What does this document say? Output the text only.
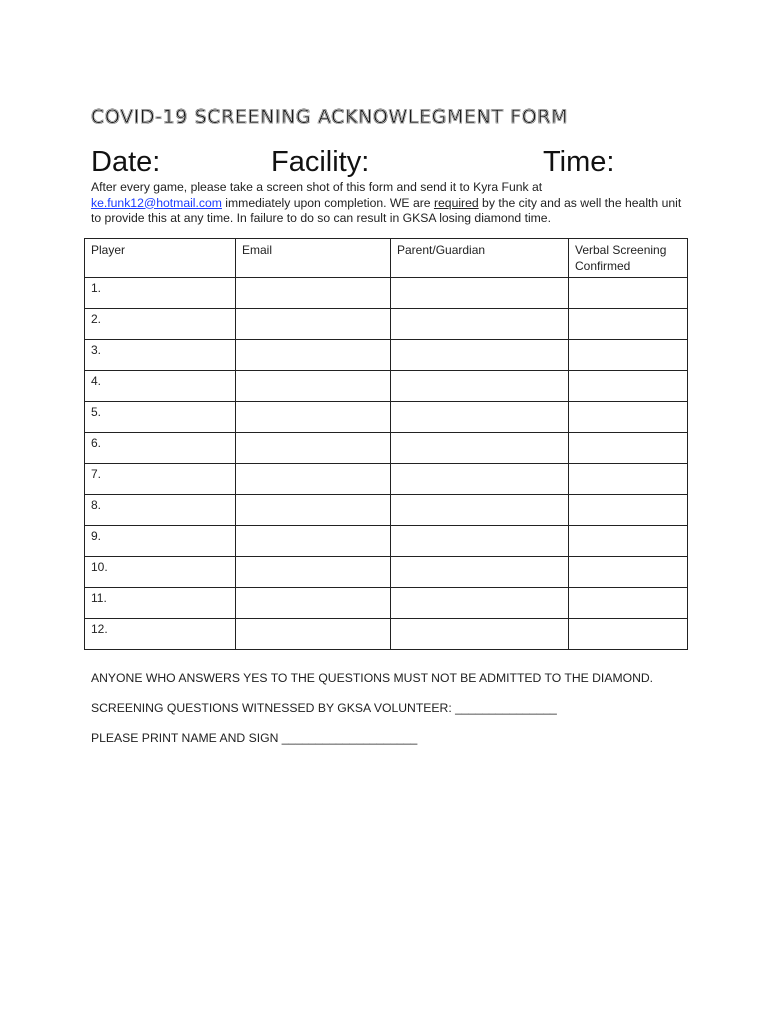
COVID-19 SCREENING ACKNOWLEGMENT FORM
Date:	Facility:	Time:
After every game, please take a screen shot of this form and send it to Kyra Funk at
ke.funk12@hotmail.com immediately upon completion. WE are required by the city and as well the health unit to provide this at any time. In failure to do so can result in GKSA losing diamond time.
Player	Email	Parent/Guardian	Verbal Screening Confirmed
1.			
2.			
3.			
4.			
5.			
6.			
7.			
8.			
9.			
10.			
11.			
12.			
ANYONE WHO ANSWERS YES TO THE QUESTIONS MUST NOT BE ADMITTED TO THE DIAMOND.
SCREENING QUESTIONS WITNESSED BY GKSA VOLUNTEER: _______________
PLEASE PRINT NAME AND SIGN ____________________
